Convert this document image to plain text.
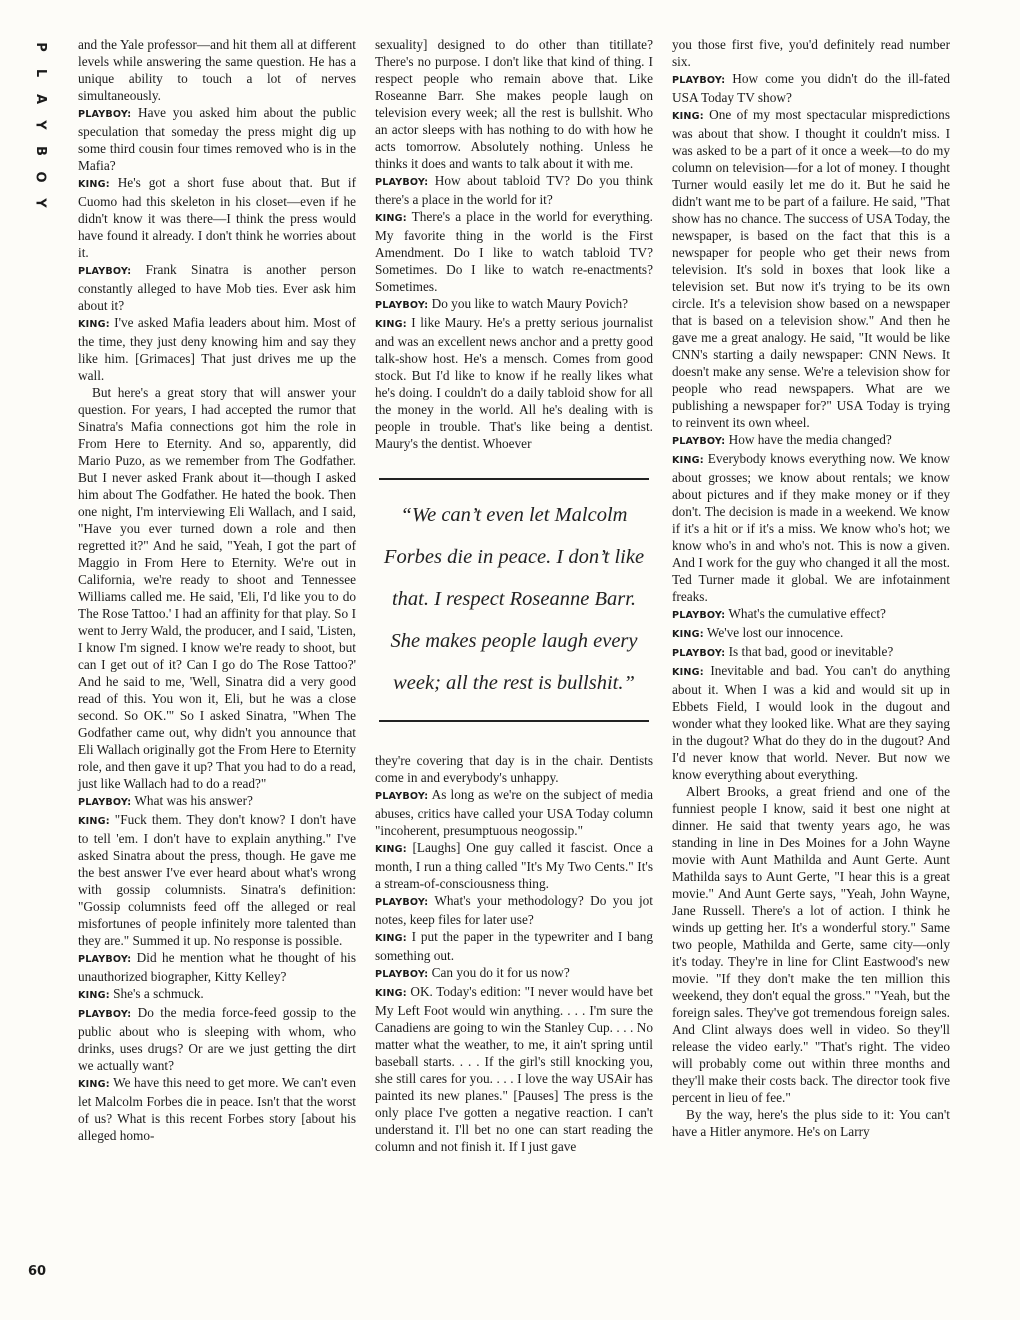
P
L
A
Y
B
O
Y
60

and the Yale professor—and hit them all at different levels while answering the same question. He has a unique ability to touch a lot of nerves simultaneously.

PLAYBOY: Have you asked him about the public speculation that someday the press might dig up some third cousin four times removed who is in the Mafia?

KING: He's got a short fuse about that. But if Cuomo had this skeleton in his closet—even if he didn't know it was there—I think the press would have found it already. I don't think he worries about it.

PLAYBOY: Frank Sinatra is another person constantly alleged to have Mob ties. Ever ask him about it?

KING: I've asked Mafia leaders about him. Most of the time, they just deny knowing him and say they like him. [Grimaces] That just drives me up the wall.

But here's a great story that will answer your question. For years, I had accepted the rumor that Sinatra's Mafia connections got him the role in From Here to Eternity. And so, apparently, did Mario Puzo, as we remember from The Godfather. But I never asked Frank about it—though I asked him about The Godfather. He hated the book. Then one night, I'm interviewing Eli Wallach, and I said, "Have you ever turned down a role and then regretted it?" And he said, "Yeah, I got the part of Maggio in From Here to Eternity. We're out in California, we're ready to shoot and Tennessee Williams called me. He said, 'Eli, I'd like you to do The Rose Tattoo.' I had an affinity for that play. So I went to Jerry Wald, the producer, and I said, 'Listen, I know I'm signed. I know we're ready to shoot, but can I get out of it? Can I go do The Rose Tattoo?' And he said to me, 'Well, Sinatra did a very good read of this. You won it, Eli, but he was a close second. So OK.'" So I asked Sinatra, "When The Godfather came out, why didn't you announce that Eli Wallach originally got the From Here to Eternity role, and then gave it up? That you had to do a read, just like Wallach had to do a read?"

PLAYBOY: What was his answer?

KING: "Fuck them. They don't know? I don't have to tell 'em. I don't have to explain anything." I've asked Sinatra about the press, though. He gave me the best answer I've ever heard about what's wrong with gossip columnists. Sinatra's definition: "Gossip columnists feed off the alleged or real misfortunes of people infinitely more talented than they are." Summed it up. No response is possible.

PLAYBOY: Did he mention what he thought of his unauthorized biographer, Kitty Kelley?

KING: She's a schmuck.

PLAYBOY: Do the media force-feed gossip to the public about who is sleeping with whom, who drinks, uses drugs? Or are we just getting the dirt we actually want?

KING: We have this need to get more. We can't even let Malcolm Forbes die in peace. Isn't that the worst of us? What is this recent Forbes story [about his alleged homo-

sexuality] designed to do other than titillate? There's no purpose. I don't like that kind of thing. I respect people who remain above that. Like Roseanne Barr. She makes people laugh on television every week; all the rest is bullshit. Who an actor sleeps with has nothing to do with how he acts tomorrow. Absolutely nothing. Unless he thinks it does and wants to talk about it with me.

PLAYBOY: How about tabloid TV? Do you think there's a place in the world for it?

KING: There's a place in the world for everything. My favorite thing in the world is the First Amendment. Do I like to watch tabloid TV? Sometimes. Do I like to watch re-enactments? Sometimes.

PLAYBOY: Do you like to watch Maury Povich?

KING: I like Maury. He's a pretty serious journalist and was an excellent news anchor and a pretty good talk-show host. He's a mensch. Comes from good stock. But I'd like to know if he really likes what he's doing. I couldn't do a daily tabloid show for all the money in the world. All he's dealing with is people in trouble. That's like being a dentist. Maury's the dentist. Whoever

“We can’t even let Malcolm Forbes die in peace. I don’t like that. I respect Roseanne Barr. She makes people laugh every week; all the rest is bullshit.”

they're covering that day is in the chair. Dentists come in and everybody's unhappy.

PLAYBOY: As long as we're on the subject of media abuses, critics have called your USA Today column "incoherent, presumptuous neogossip."

KING: [Laughs] One guy called it fascist. Once a month, I run a thing called "It's My Two Cents." It's a stream-of-consciousness thing.

PLAYBOY: What's your methodology? Do you jot notes, keep files for later use?

KING: I put the paper in the typewriter and I bang something out.

PLAYBOY: Can you do it for us now?

KING: OK. Today's edition: "I never would have bet My Left Foot would win anything. . . . I'm sure the Canadiens are going to win the Stanley Cup. . . . No matter what the weather, to me, it ain't spring until baseball starts. . . . If the girl's still knocking you, she still cares for you. . . . I love the way USAir has painted its new planes." [Pauses] The press is the only place I've gotten a negative reaction. I can't understand it. I'll bet no one can start reading the column and not finish it. If I just gave

you those first five, you'd definitely read number six.

PLAYBOY: How come you didn't do the ill-fated USA Today TV show?

KING: One of my most spectacular mispredictions was about that show. I thought it couldn't miss. I was asked to be a part of it once a week—to do my column on television—for a lot of money. I thought Turner would easily let me do it. But he said he didn't want me to be part of a failure. He said, "That show has no chance. The success of USA Today, the newspaper, is based on the fact that this is a newspaper for people who get their news from television. It's sold in boxes that look like a television set. But now it's trying to be its own circle. It's a television show based on a newspaper that is based on a television show." And then he gave me a great analogy. He said, "It would be like CNN's starting a daily newspaper: CNN News. It doesn't make any sense. We're a television show for people who read newspapers. What are we publishing a newspaper for?" USA Today is trying to reinvent its own wheel.

PLAYBOY: How have the media changed?

KING: Everybody knows everything now. We know about grosses; we know about rentals; we know about pictures and if they make money or if they don't. The decision is made in a weekend. We know if it's a hit or if it's a miss. We know who's hot; we know who's in and who's not. This is now a given. And I work for the guy who changed it all the most. Ted Turner made it global. We are infotainment freaks.

PLAYBOY: What's the cumulative effect?

KING: We've lost our innocence.

PLAYBOY: Is that bad, good or inevitable?

KING: Inevitable and bad. You can't do anything about it. When I was a kid and would sit up in Ebbets Field, I would look in the dugout and wonder what they looked like. What are they saying in the dugout? What do they do in the dugout? And I'd never know that world. Never. But now we know everything about everything.

Albert Brooks, a great friend and one of the funniest people I know, said it best one night at dinner. He said that twenty years ago, he was standing in line in Des Moines for a John Wayne movie with Aunt Mathilda and Aunt Gerte. Aunt Mathilda says to Aunt Gerte, "I hear this is a great movie." And Aunt Gerte says, "Yeah, John Wayne, Jane Russell. There's a lot of action. I think he winds up getting her. It's a wonderful story." Same two people, Mathilda and Gerte, same city—only it's today. They're in line for Clint Eastwood's new movie. "If they don't make the ten million this weekend, they don't equal the gross." "Yeah, but the foreign sales. They've got tremendous foreign sales. And Clint always does well in video. So they'll release the video early." "That's right. The video will probably come out within three months and they'll make their costs back. The director took five percent in lieu of fee."

By the way, here's the plus side to it: You can't have a Hitler anymore. He's on Larry
